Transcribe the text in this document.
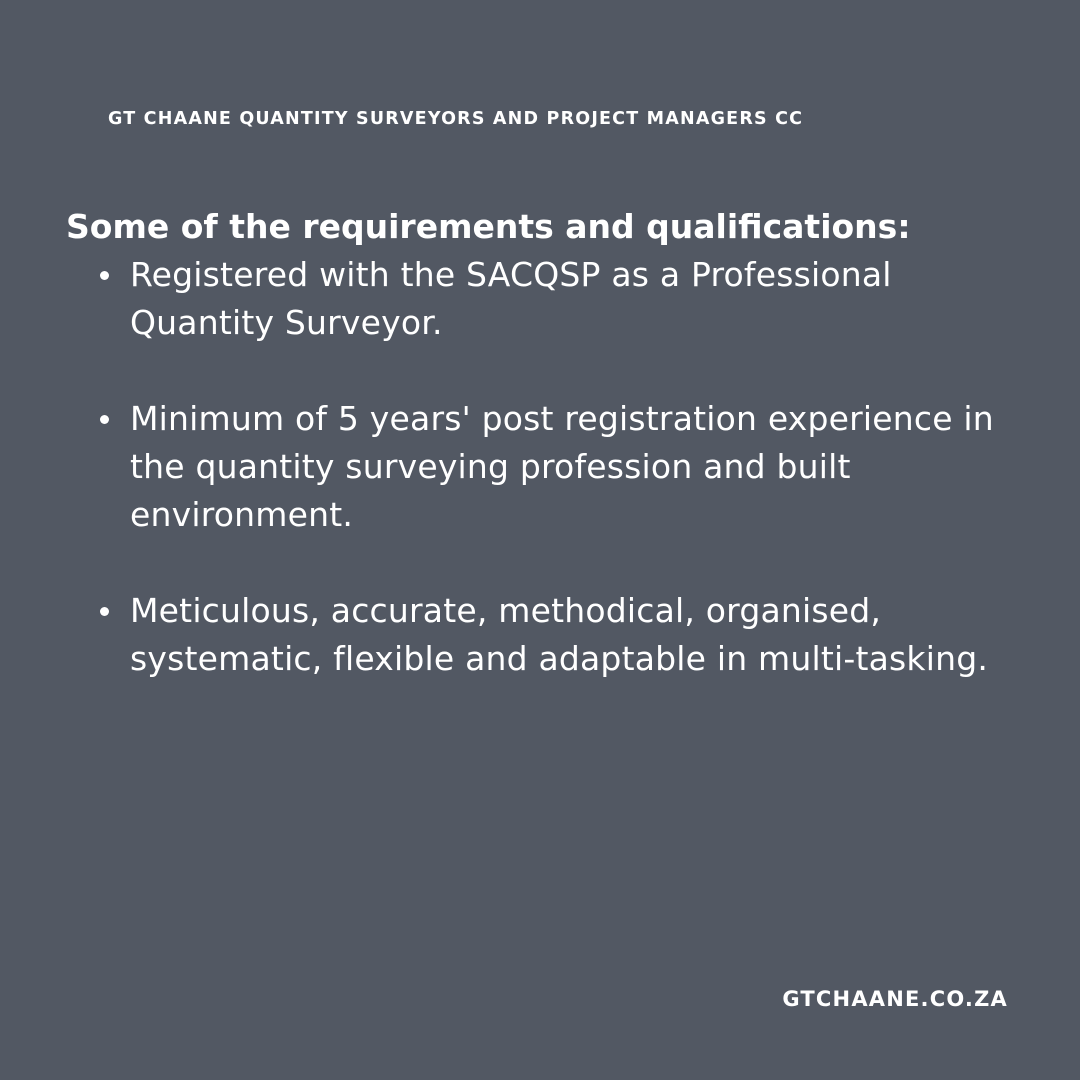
GT CHAANE QUANTITY SURVEYORS AND PROJECT MANAGERS CC
Some of the requirements and qualifications:
Registered with the SACQSP as a Professional Quantity Surveyor.
Minimum of 5 years' post registration experience in the quantity surveying profession and built environment.
Meticulous, accurate, methodical, organised, systematic, flexible and adaptable in multi-tasking.
GTCHAANE.CO.ZA
